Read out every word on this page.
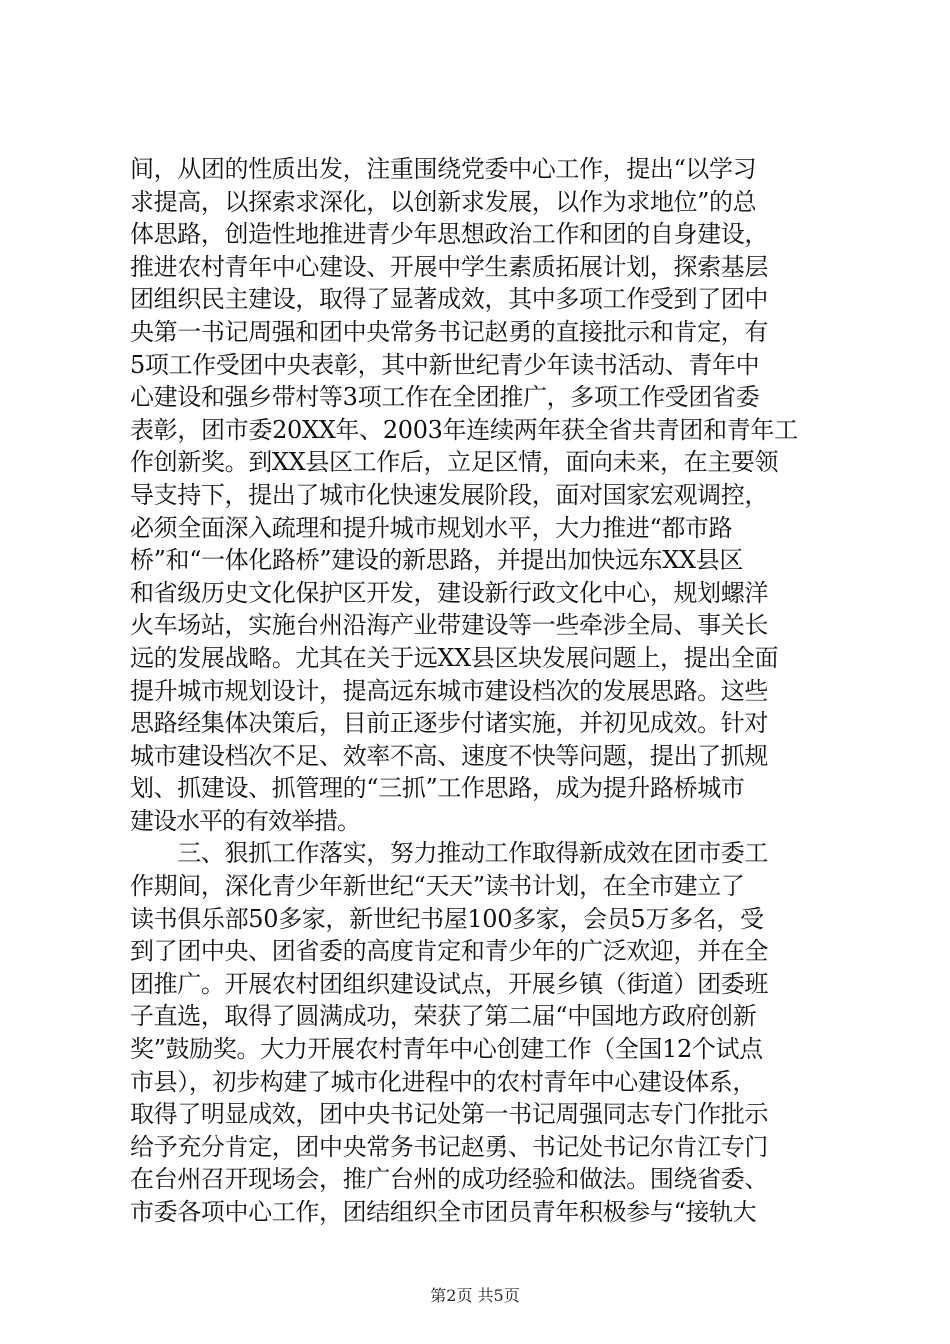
间，从团的性质出发，注重围绕党委中心工作，提出“以学习
求提高，以探索求深化，以创新求发展，以作为求地位”的总
体思路，创造性地推进青少年思想政治工作和团的自身建设，
推进农村青年中心建设、开展中学生素质拓展计划，探索基层
团组织民主建设，取得了显著成效，其中多项工作受到了团中
央第一书记周强和团中央常务书记赵勇的直接批示和肯定，有
5项工作受团中央表彰，其中新世纪青少年读书活动、青年中
心建设和强乡带村等3项工作在全团推广，多项工作受团省委
表彰，团市委20XX年、2003年连续两年获全省共青团和青年工
作创新奖。到XX县区工作后，立足区情，面向未来，在主要领
导支持下，提出了城市化快速发展阶段，面对国家宏观调控，
必须全面深入疏理和提升城市规划水平，大力推进“都市路
桥”和“一体化路桥”建设的新思路，并提出加快远东XX县区
和省级历史文化保护区开发，建设新行政文化中心，规划螺洋
火车场站，实施台州沿海产业带建设等一些牵涉全局、事关长
远的发展战略。尤其在关于远XX县区块发展问题上，提出全面
提升城市规划设计，提高远东城市建设档次的发展思路。这些
思路经集体决策后，目前正逐步付诸实施，并初见成效。针对
城市建设档次不足、效率不高、速度不快等问题，提出了抓规
划、抓建设、抓管理的“三抓”工作思路，成为提升路桥城市
建设水平的有效举措。
　　三、狠抓工作落实，努力推动工作取得新成效在团市委工
作期间，深化青少年新世纪“天天”读书计划，在全市建立了
读书俱乐部50多家，新世纪书屋100多家，会员5万多名，受
到了团中央、团省委的高度肯定和青少年的广泛欢迎，并在全
团推广。开展农村团组织建设试点，开展乡镇（街道）团委班
子直选，取得了圆满成功，荣获了第二届“中国地方政府创新
奖”鼓励奖。大力开展农村青年中心创建工作（全国12个试点
市县），初步构建了城市化进程中的农村青年中心建设体系，
取得了明显成效，团中央书记处第一书记周强同志专门作批示
给予充分肯定，团中央常务书记赵勇、书记处书记尔肯江专门
在台州召开现场会，推广台州的成功经验和做法。围绕省委、
市委各项中心工作，团结组织全市团员青年积极参与“接轨大
第2页 共5页
